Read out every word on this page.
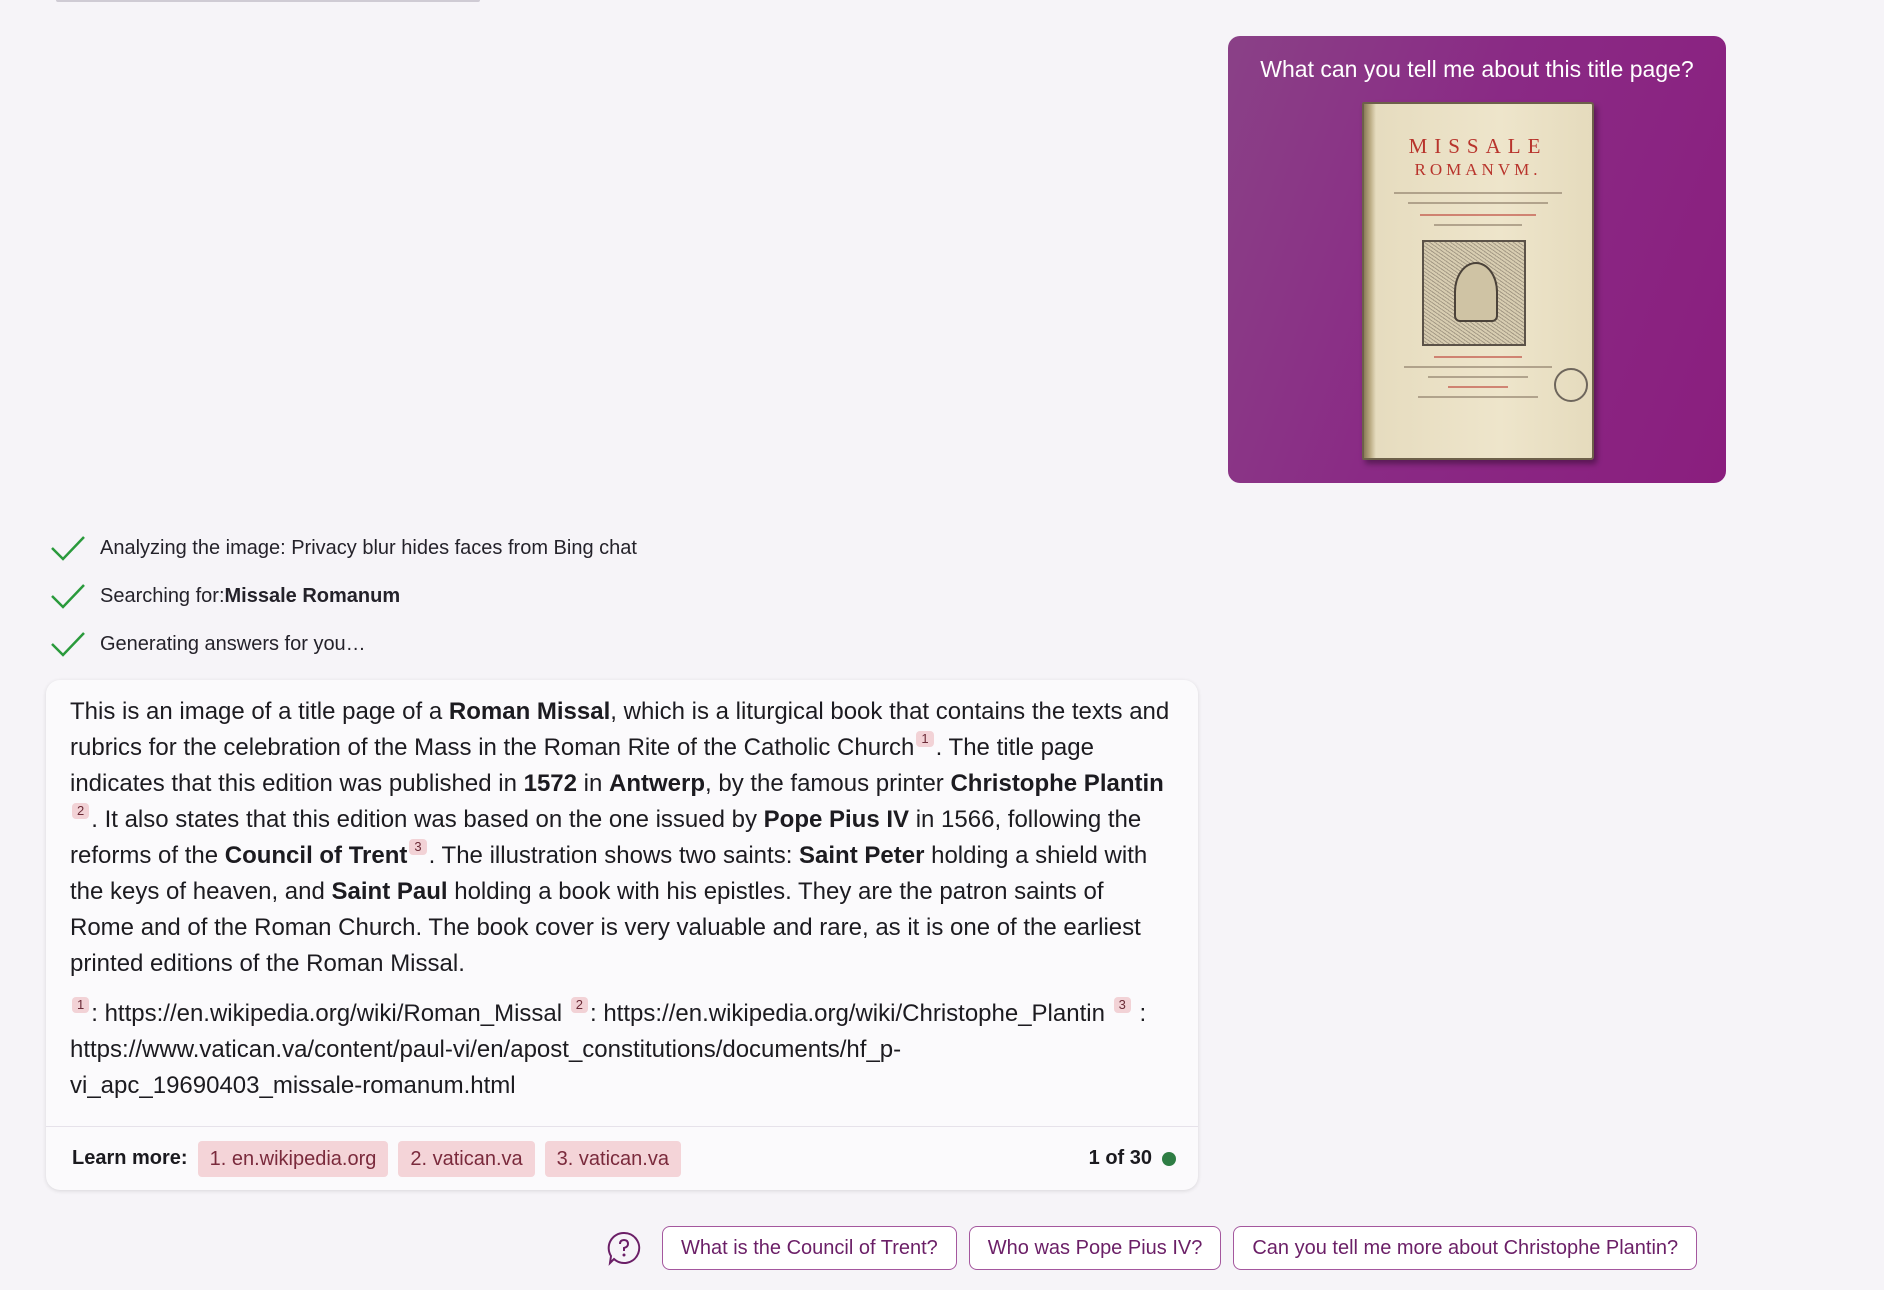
What can you tell me about this title page?
MISSALE
ROMANVM.
Analyzing the image: Privacy blur hides faces from Bing chat
Searching for: Missale Romanum
Generating answers for you…

This is an image of a title page of a Roman Missal, which is a liturgical book that contains the texts and rubrics for the celebration of the Mass in the Roman Rite of the Catholic Church 1 . The title page indicates that this edition was published in 1572 in Antwerp, by the famous printer Christophe Plantin 2 . It also states that this edition was based on the one issued by Pope Pius IV in 1566, following the reforms of the Council of Trent 3 . The illustration shows two saints: Saint Peter holding a shield with the keys of heaven, and Saint Paul holding a book with his epistles. They are the patron saints of Rome and of the Roman Church. The book cover is very valuable and rare, as it is one of the earliest printed editions of the Roman Missal.

1 : https://en.wikipedia.org/wiki/Roman_Missal 2 : https://en.wikipedia.org/wiki/Christophe_Plantin 3 : https://www.vatican.va/content/paul-vi/en/apost_constitutions/documents/hf_p-vi_apc_19690403_missale-romanum.html

Learn more:	1. en.wikipedia.org	2. vatican.va	3. vatican.va	1 of 30
What is the Council of Trent?	Who was Pope Pius IV?	Can you tell me more about Christophe Plantin?
